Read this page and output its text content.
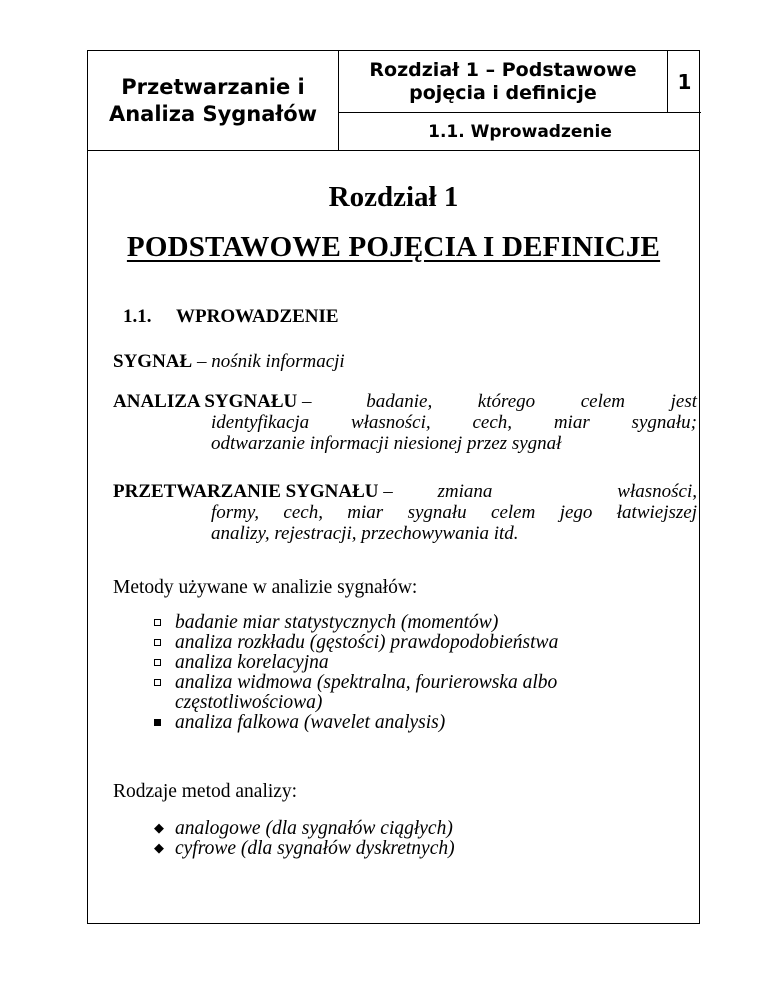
Przetwarzanie i
Analiza Sygnałów
Rozdział 1 – Podstawowe
pojęcia i definicje	1
1.1. Wprowadzenie
Rozdział 1
PODSTAWOWE POJĘCIA I DEFINICJE
1.1. WPROWADZENIE
SYGNAŁ – nośnik informacji
ANALIZA SYGNAŁU –	badanie, którego celem jest
identyfikacja własności, cech, miar sygnału;
odtwarzanie informacji niesionej przez sygnał
PRZETWARZANIE SYGNAŁU –	zmiana własności,
formy, cech, miar sygnału celem jego łatwiejszej
analizy, rejestracji, przechowywania itd.
Metody używane w analizie sygnałów:
badanie miar statystycznych (momentów)
analiza rozkładu (gęstości) prawdopodobieństwa
analiza korelacyjna
analiza widmowa (spektralna, fourierowska albo
częstotliwościowa)
analiza falkowa (wavelet analysis)
Rodzaje metod analizy:
◆ analogowe (dla sygnałów ciągłych)
◆ cyfrowe (dla sygnałów dyskretnych)
